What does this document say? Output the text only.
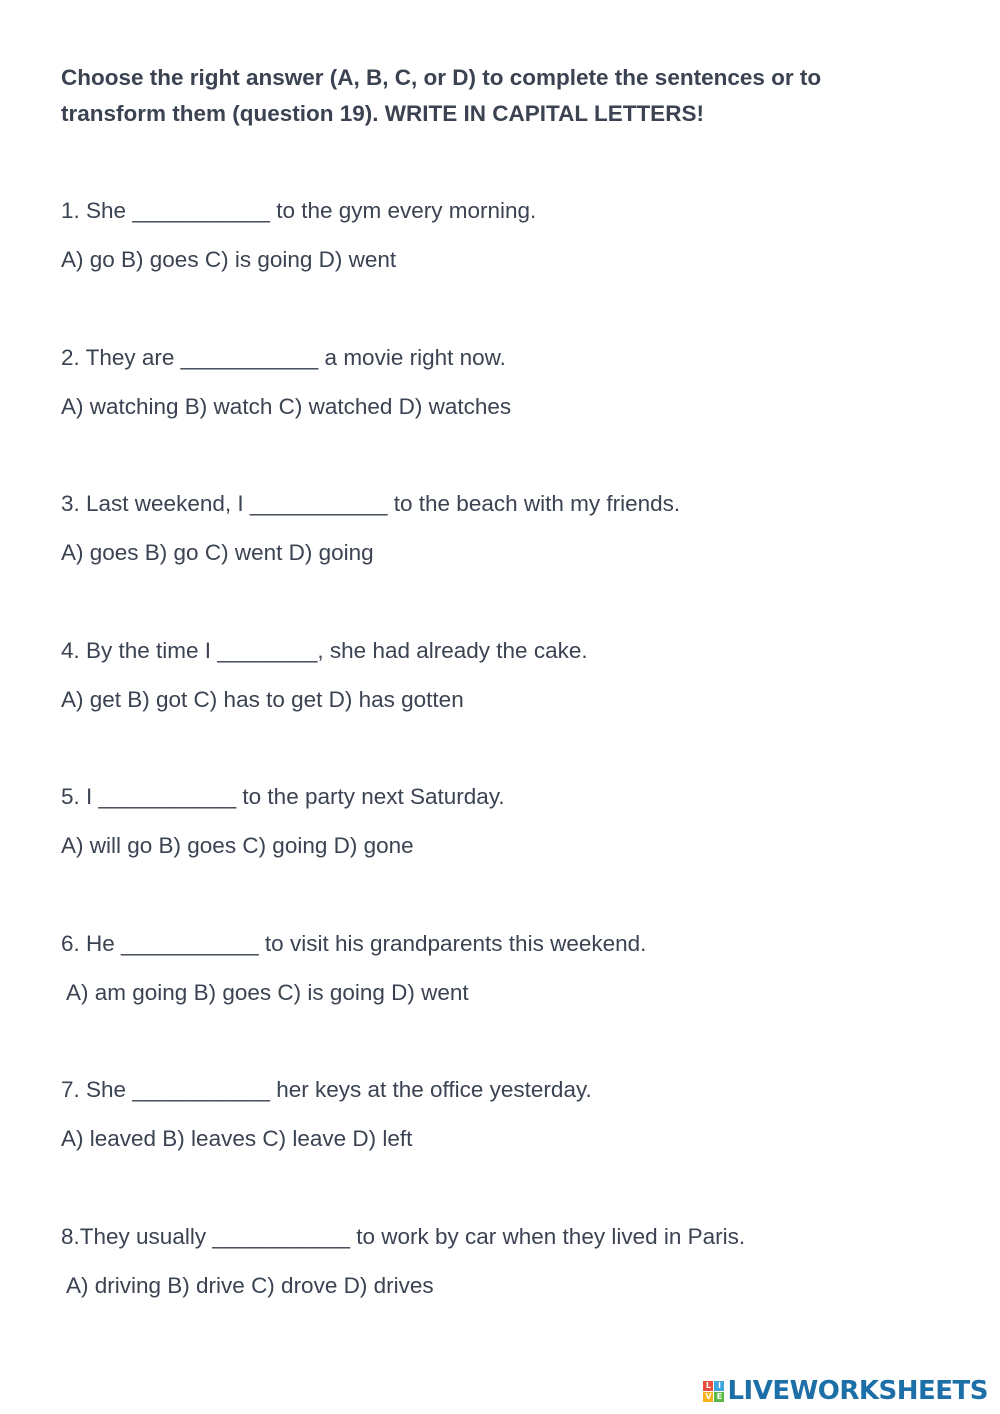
Choose the right answer (A, B, C, or D) to complete the sentences or to transform them (question 19). WRITE IN CAPITAL LETTERS!

1. She ___________ to the gym every morning.
A) go B) goes C) is going D) went
2. They are ___________ a movie right now.
A) watching B) watch C) watched D) watches
3. Last weekend, I ___________ to the beach with my friends.
A) goes B) go C) went D) going
4. By the time I ________, she had already the cake.
A) get B) got C) has to get D) has gotten
5. I ___________ to the party next Saturday.
A) will go B) goes C) going D) gone
6. He ___________ to visit his grandparents this weekend.
A) am going B) goes C) is going D) went
7. She ___________ her keys at the office yesterday.
A) leaved B) leaves C) leave D) left
8.They usually ___________ to work by car when they lived in Paris.
A) driving B) drive C) drove D) drives
L I
V E LIVEWORKSHEETS
